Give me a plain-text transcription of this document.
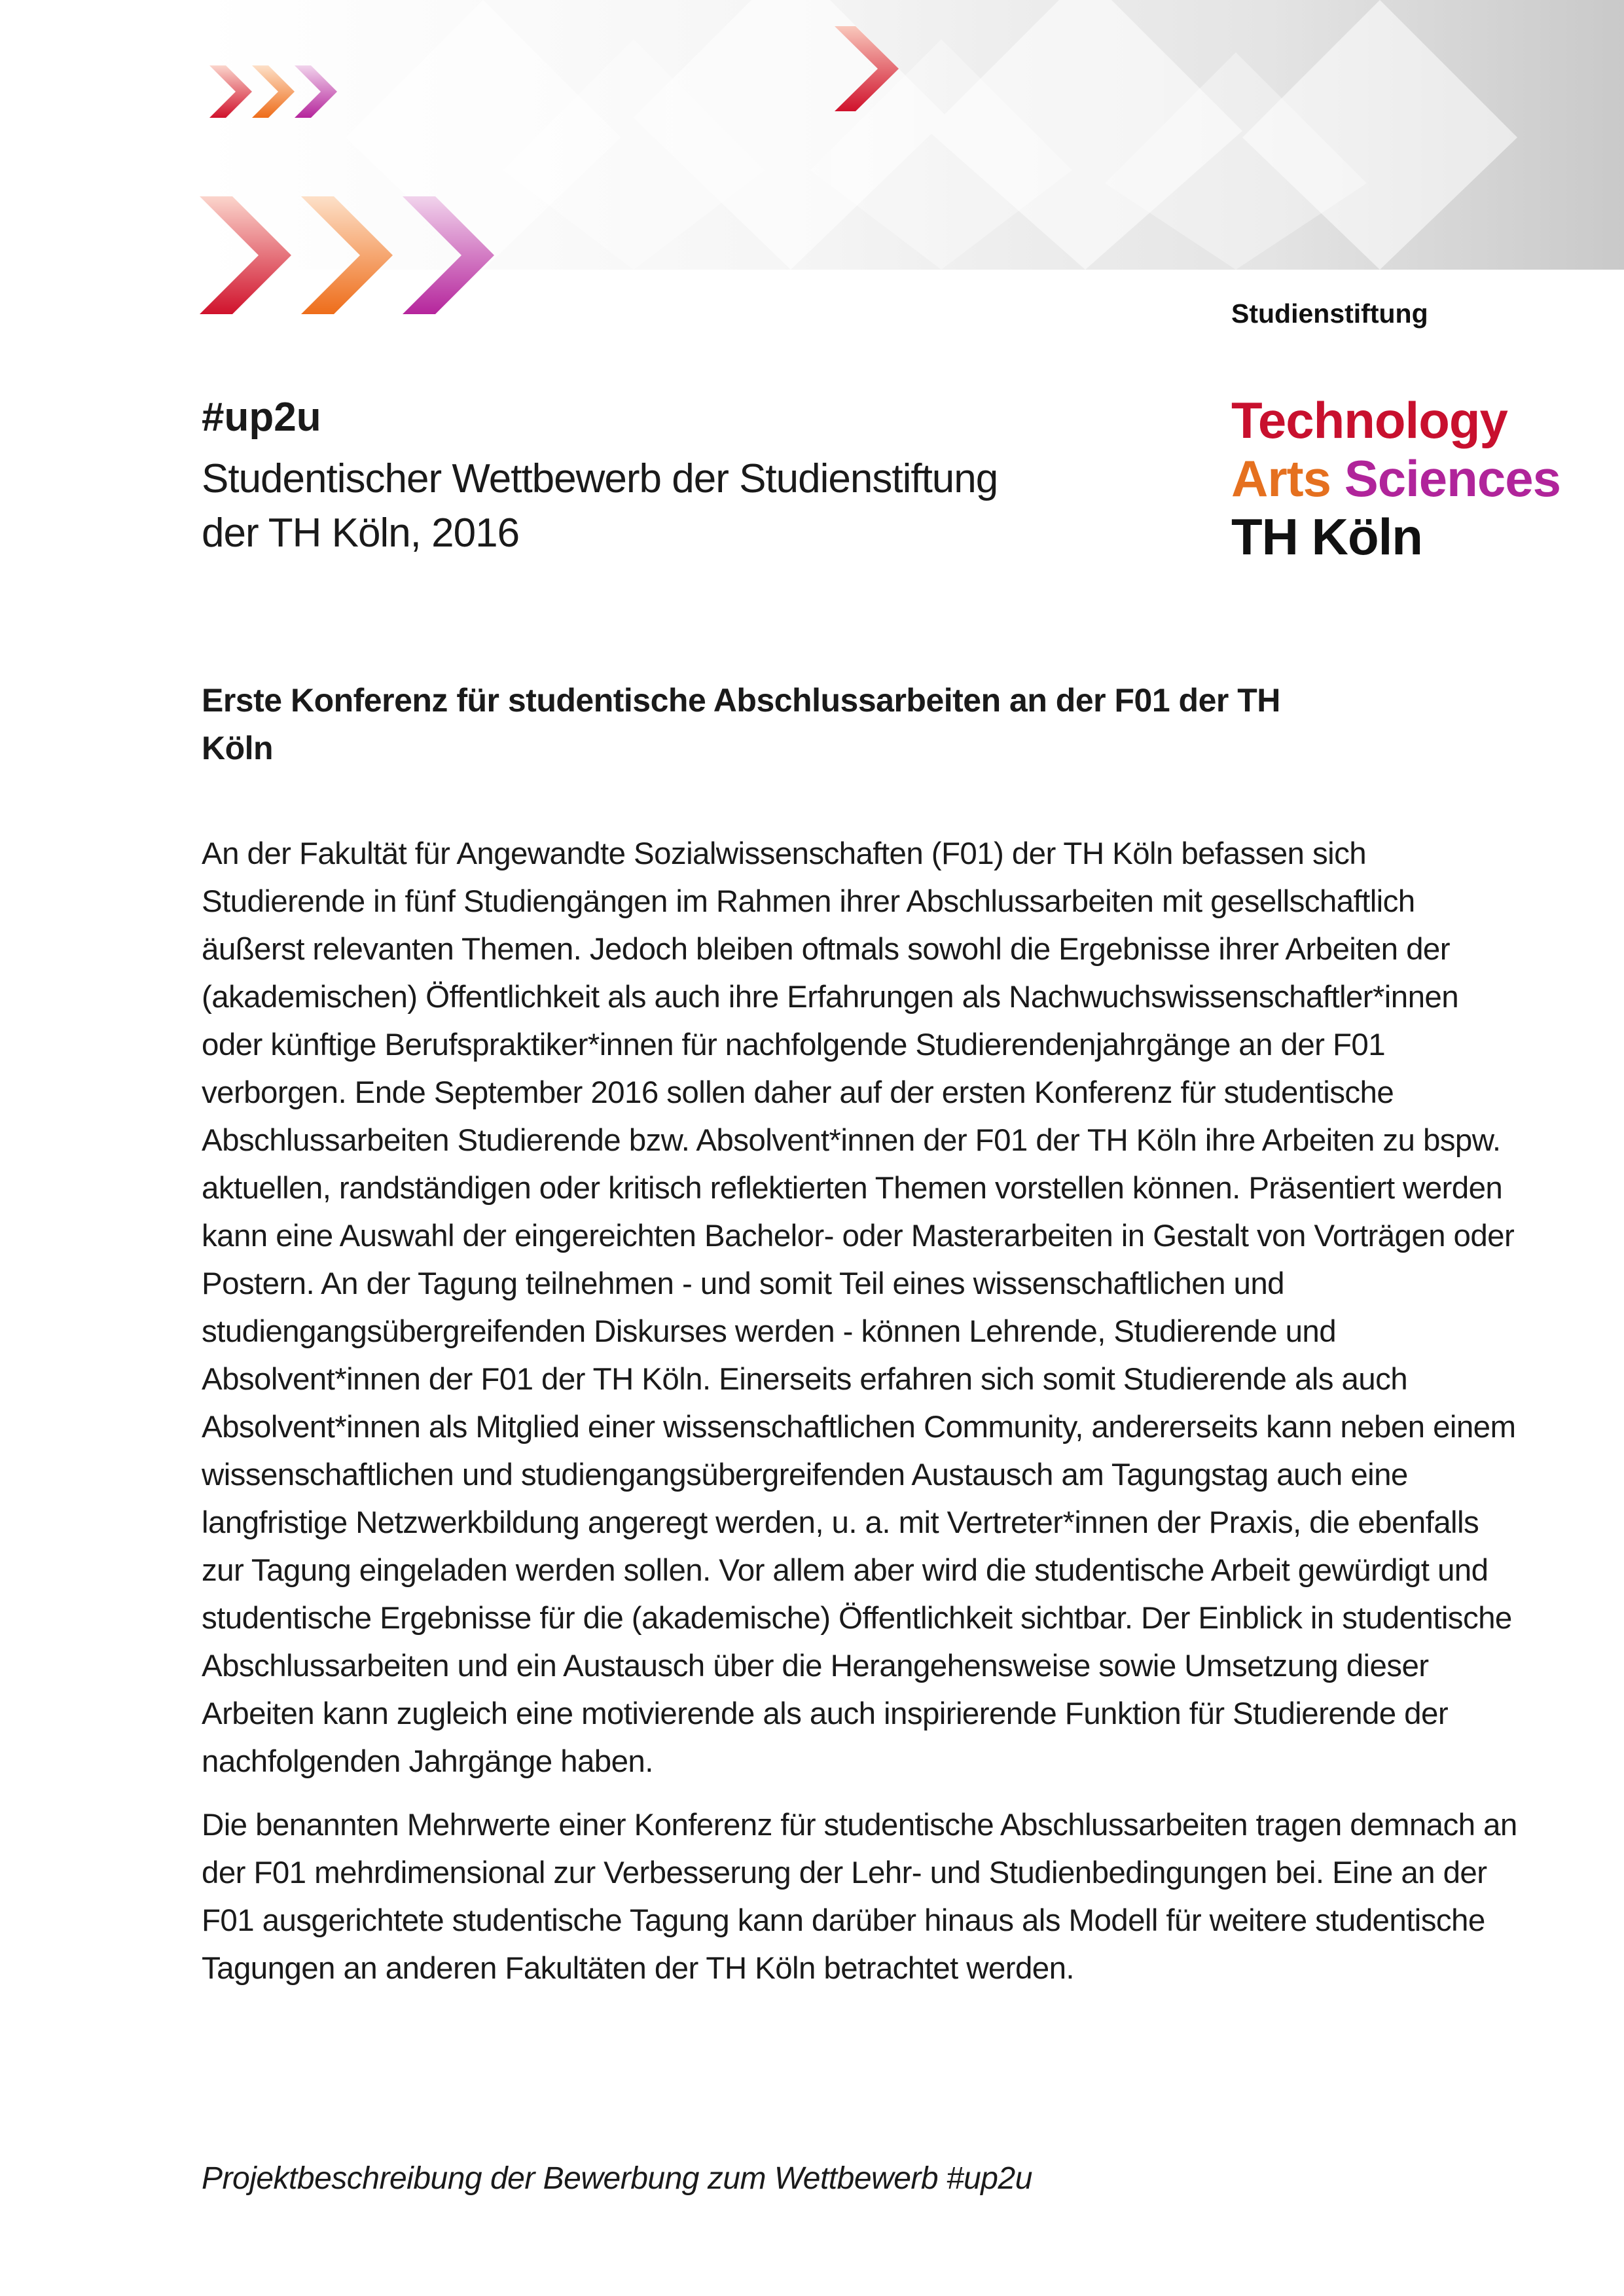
Studienstiftung
Technology
Arts Sciences
TH Köln
#up2u
Studentischer Wettbewerb der Studienstiftung der TH Köln, 2016
Erste Konferenz für studentische Abschlussarbeiten an der F01 der TH Köln

An der Fakultät für Angewandte Sozialwissenschaften (F01) der TH Köln befassen sich Studierende in fünf Studiengängen im Rahmen ihrer Abschlussarbeiten mit gesellschaftlich äußerst relevanten Themen. Jedoch bleiben oftmals sowohl die Ergebnisse ihrer Arbeiten der (akademischen) Öffentlichkeit als auch ihre Erfahrungen als Nachwuchswissenschaftler*innen oder künftige Berufspraktiker*innen für nachfolgende Studierendenjahrgänge an der F01 verborgen. Ende September 2016 sollen daher auf der ersten Konferenz für studentische Abschlussarbeiten Studierende bzw. Absolvent*innen der F01 der TH Köln ihre Arbeiten zu bspw. aktuellen, randständigen oder kritisch reflektierten Themen vorstellen können. Präsentiert werden kann eine Auswahl der eingereichten Bachelor- oder Masterarbeiten in Gestalt von Vorträgen oder Postern. An der Tagung teilnehmen - und somit Teil eines wissenschaftlichen und studiengangsübergreifenden Diskurses werden - können Lehrende, Studierende und Absolvent*innen der F01 der TH Köln. Einerseits erfahren sich somit Studierende als auch Absolvent*innen als Mitglied einer wissenschaftlichen Community, andererseits kann neben einem wissenschaftlichen und studiengangsübergreifenden Austausch am Tagungstag auch eine langfristige Netzwerkbildung angeregt werden, u. a. mit Vertreter*innen der Praxis, die ebenfalls zur Tagung eingeladen werden sollen. Vor allem aber wird die studentische Arbeit gewürdigt und studentische Ergebnisse für die (akademische) Öffentlichkeit sichtbar. Der Einblick in studentische Abschlussarbeiten und ein Austausch über die Herangehensweise sowie Umsetzung dieser Arbeiten kann zugleich eine motivierende als auch inspirierende Funktion für Studierende der nachfolgenden Jahrgänge haben.

Die benannten Mehrwerte einer Konferenz für studentische Abschlussarbeiten tragen demnach an der F01 mehrdimensional zur Verbesserung der Lehr- und Studienbedingungen bei. Eine an der F01 ausgerichtete studentische Tagung kann darüber hinaus als Modell für weitere studentische Tagungen an anderen Fakultäten der TH Köln betrachtet werden.

Projektbeschreibung der Bewerbung zum Wettbewerb #up2u
